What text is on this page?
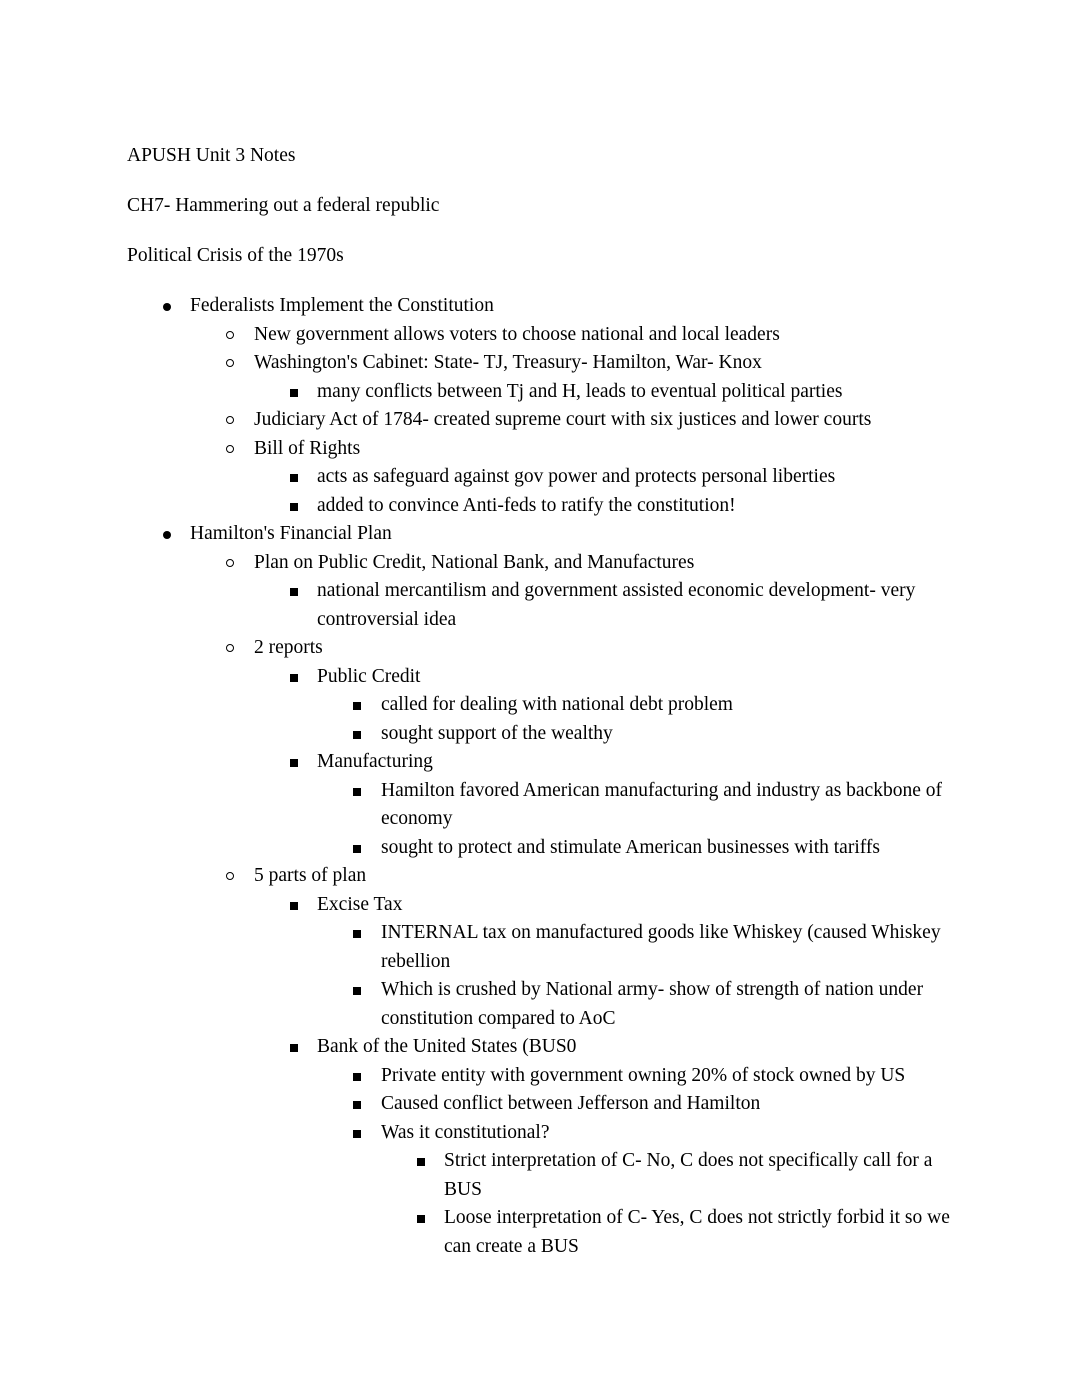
APUSH Unit 3 Notes

CH7- Hammering out a federal republic

Political Crisis of the 1970s

Federalists Implement the Constitution
New government allows voters to choose national and local leaders
Washington's Cabinet: State- TJ, Treasury- Hamilton, War- Knox
many conflicts between Tj and H, leads to eventual political parties
Judiciary Act of 1784- created supreme court with six justices and lower courts
Bill of Rights
acts as safeguard against gov power and protects personal liberties
added to convince Anti-feds to ratify the constitution!
Hamilton's Financial Plan
Plan on Public Credit, National Bank, and Manufactures
national mercantilism and government assisted economic development- very controversial idea
2 reports
Public Credit
called for dealing with national debt problem
sought support of the wealthy
Manufacturing
Hamilton favored American manufacturing and industry as backbone of economy
sought to protect and stimulate American businesses with tariffs
5 parts of plan
Excise Tax
INTERNAL tax on manufactured goods like Whiskey (caused Whiskey rebellion
Which is crushed by National army- show of strength of nation under constitution compared to AoC
Bank of the United States (BUS0
Private entity with government owning 20% of stock owned by US
Caused conflict between Jefferson and Hamilton
Was it constitutional?
Strict interpretation of C- No, C does not specifically call for a BUS
Loose interpretation of C- Yes, C does not strictly forbid it so we can create a BUS
